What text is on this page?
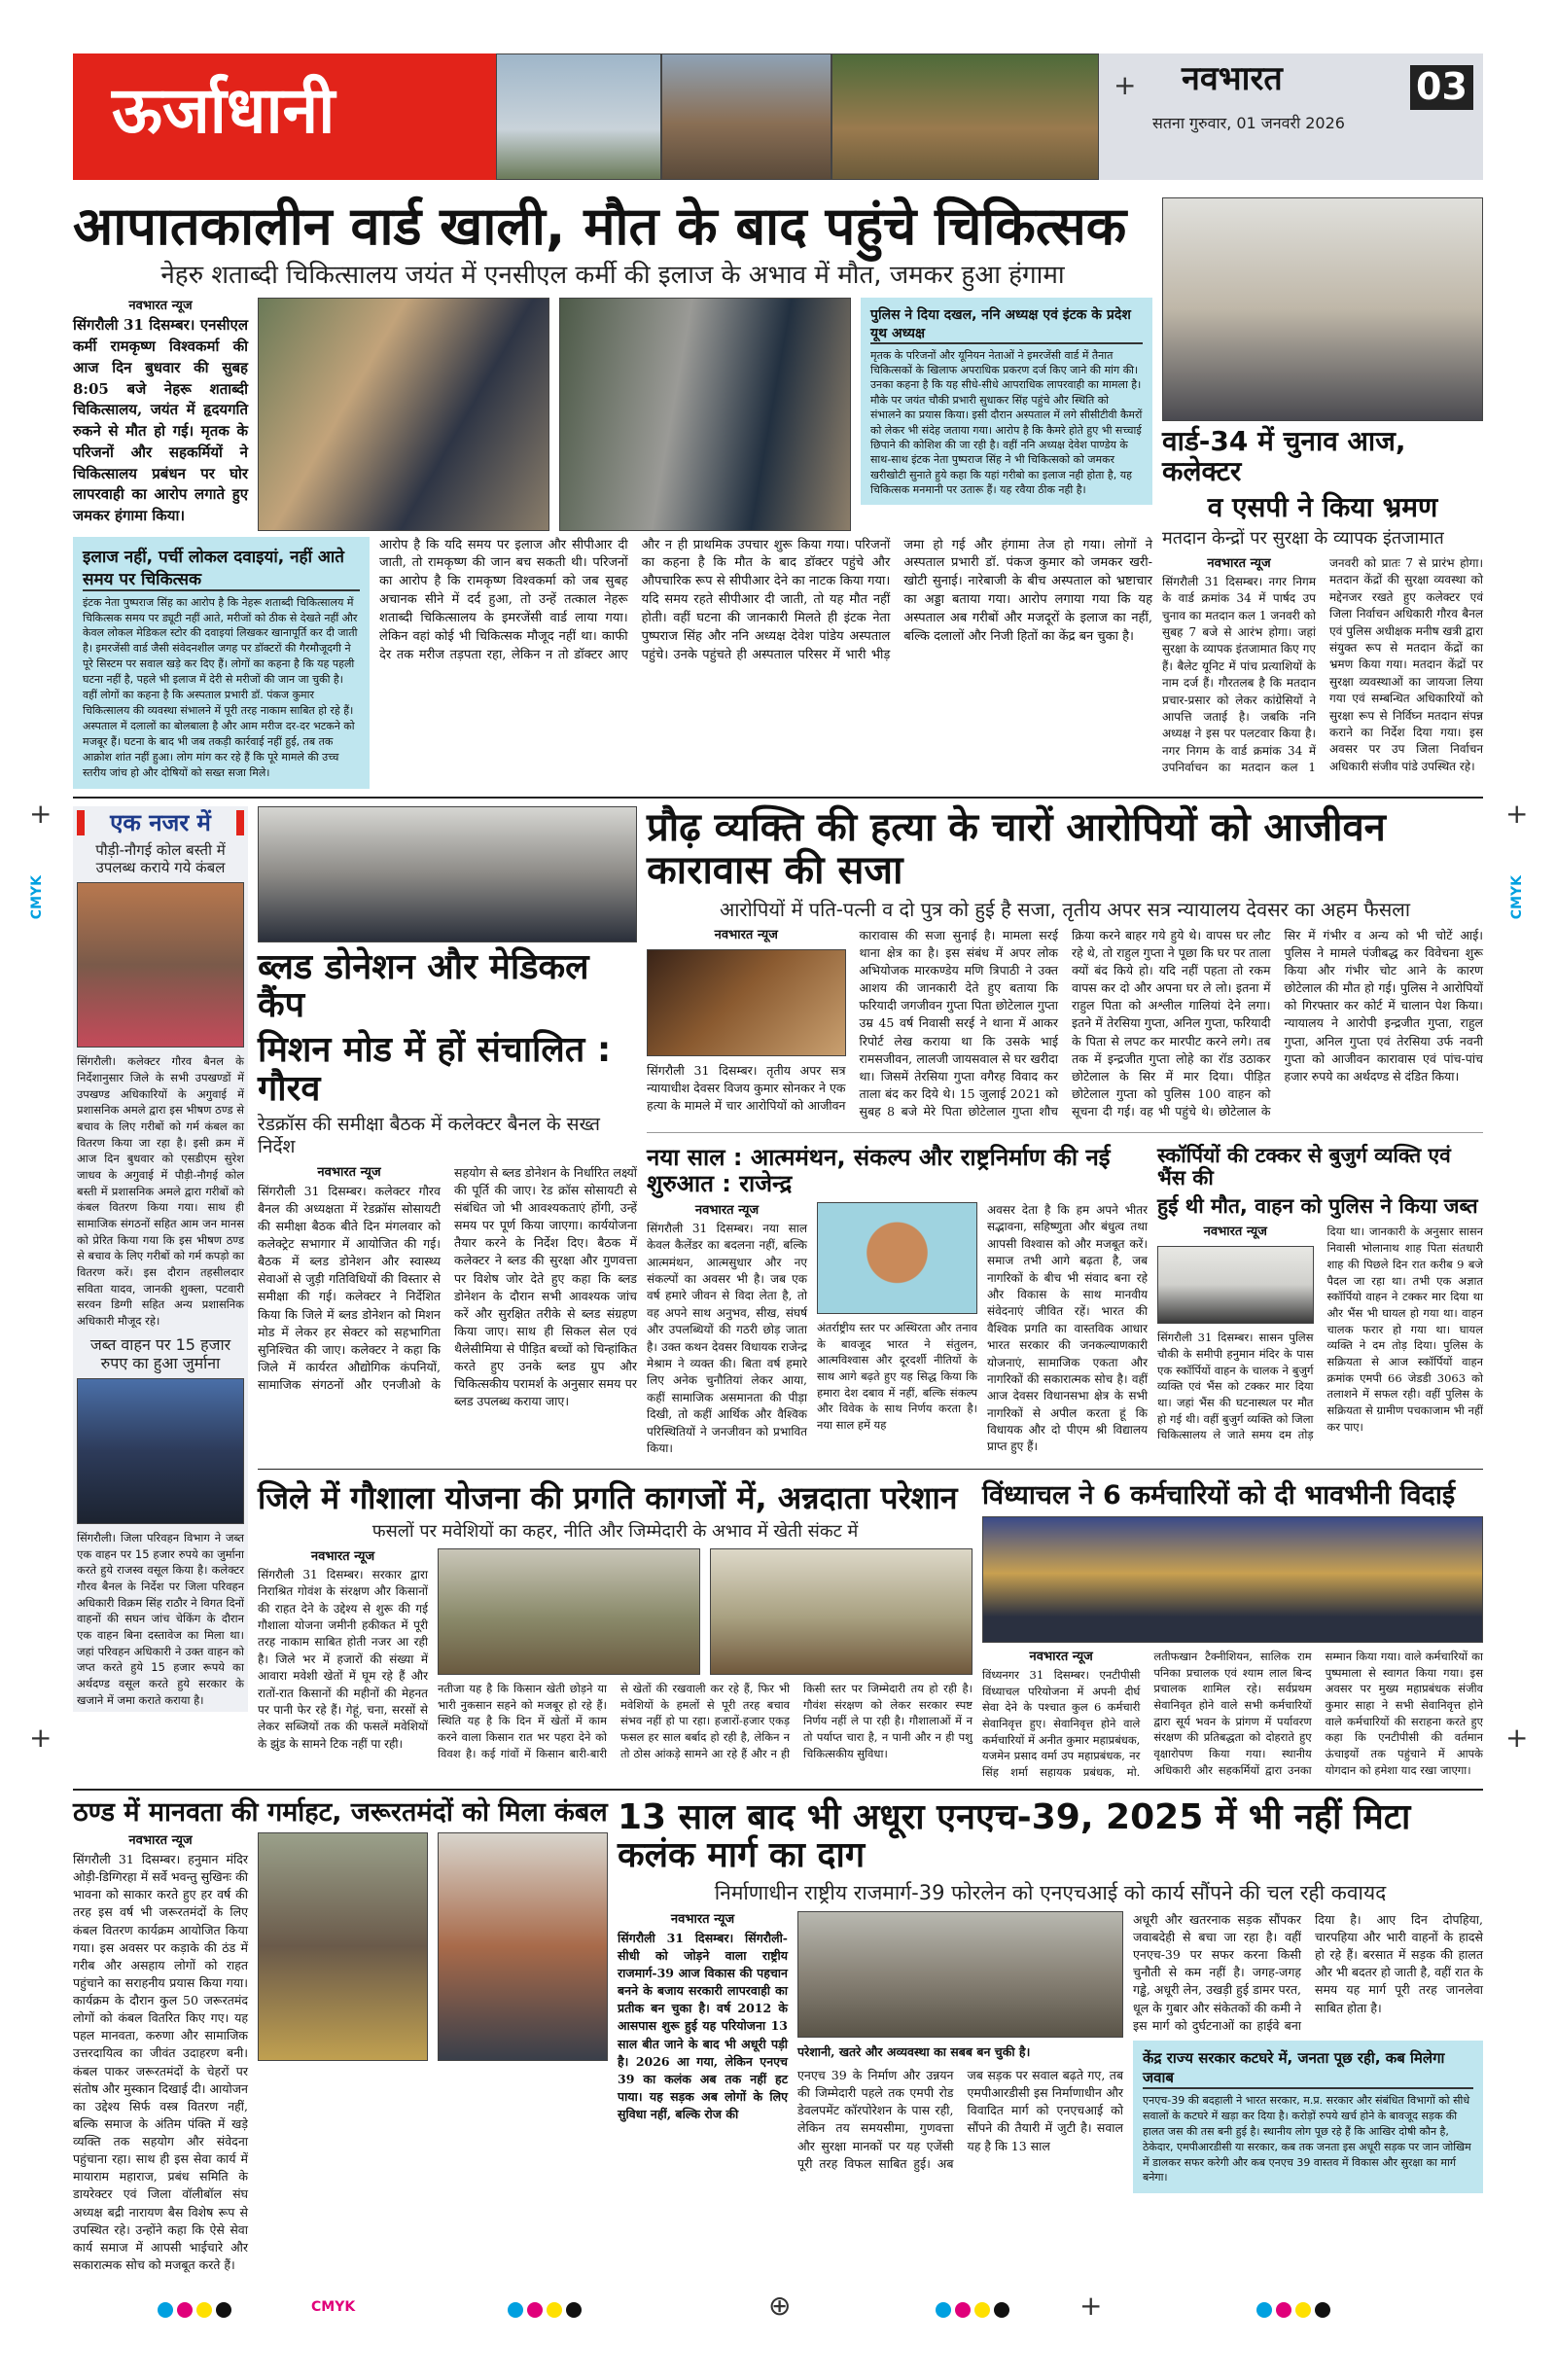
ऊर्जाधानी	+ नवभारत
सतना गुरुवार, 01 जनवरी 2026
03
आपातकालीन वार्ड खाली, मौत के बाद पहुंचे चिकित्सक
नेहरु शताब्दी चिकित्सालय जयंत में एनसीएल कर्मी की इलाज के अभाव में मौत, जमकर हुआ हंगामा
नवभारत न्यूज
सिंगरौली 31 दिसम्बर। एनसीएल कर्मी रामकृष्ण विश्वकर्मा की आज दिन बुधवार की सुबह 8:05 बजे नेहरू शताब्दी चिकित्सालय, जयंत में हृदयगति रुकने से मौत हो गई। मृतक के परिजनों और सहकर्मियों ने चिकित्सालय प्रबंधन पर घोर लापरवाही का आरोप लगाते हुए जमकर हंगामा किया।
पुलिस ने दिया दखल, ननि अध्यक्ष एवं इंटक के प्रदेश यूथ अध्यक्ष

मृतक के परिजनों और यूनियन नेताओं ने इमरजेंसी वार्ड में तैनात चिकित्सकों के खिलाफ अपराधिक प्रकरण दर्ज किए जाने की मांग की। उनका कहना है कि यह सीधे-सीधे आपराधिक लापरवाही का मामला है। मौके पर जयंत चौकी प्रभारी सुधाकर सिंह पहुंचे और स्थिति को संभालने का प्रयास किया। इसी दौरान अस्पताल में लगे सीसीटीवी कैमरों को लेकर भी संदेह जताया गया। आरोप है कि कैमरे होते हुए भी सच्चाई छिपाने की कोशिश की जा रही है। वहीं ननि अध्यक्ष देवेश पाण्डेय के साथ-साथ इंटक नेता पुष्पराज सिंह ने भी चिकित्सको को जमकर खरीखोटी सुनाते हुये कहा कि यहां गरीबो का इलाज नही होता है, यह चिकित्सक मनमानी पर उतारू हैं। यह रवैया ठीक नही है।

इलाज नहीं, पर्ची लोकल दवाइयां, नहीं आते समय पर चिकित्सक

इंटक नेता पुष्पराज सिंह का आरोप है कि नेहरू शताब्दी चिकित्सालय में चिकित्सक समय पर ड्यूटी नहीं आते, मरीजों को ठीक से देखते नहीं और केवल लोकल मेडिकल स्टोर की दवाइयां लिखकर खानापूर्ति कर दी जाती है। इमरजेंसी वार्ड जैसी संवेदनशील जगह पर डॉक्टरों की गैरमौजूदगी ने पूरे सिस्टम पर सवाल खड़े कर दिए हैं। लोगों का कहना है कि यह पहली घटना नहीं है, पहले भी इलाज में देरी से मरीजों की जान जा चुकी है। वहीं लोगों का कहना है कि अस्पताल प्रभारी डॉ. पंकज कुमार चिकित्सालय की व्यवस्था संभालने में पूरी तरह नाकाम साबित हो रहे हैं। अस्पताल में दलालों का बोलबाला है और आम मरीज दर-दर भटकने को मजबूर हैं। घटना के बाद भी जब तकड़ी कार्रवाई नहीं हुई, तब तक आक्रोश शांत नहीं हुआ। लोग मांग कर रहे हैं कि पूरे मामले की उच्च स्तरीय जांच हो और दोषियों को सख्त सजा मिले।

आरोप है कि यदि समय पर इलाज और सीपीआर दी जाती, तो रामकृष्ण की जान बच सकती थी। परिजनों का आरोप है कि रामकृष्ण विश्वकर्मा को जब सुबह अचानक सीने में दर्द हुआ, तो उन्हें तत्काल नेहरू शताब्दी चिकित्सालय के इमरजेंसी वार्ड लाया गया। लेकिन वहां कोई भी चिकित्सक मौजूद नहीं था। काफी देर तक मरीज तड़पता रहा, लेकिन न तो डॉक्टर आए और न ही प्राथमिक उपचार शुरू किया गया। परिजनों का कहना है कि मौत के बाद डॉक्टर पहुंचे और औपचारिक रूप से सीपीआर देने का नाटक किया गया। यदि समय रहते सीपीआर दी जाती, तो यह मौत नहीं होती। वहीं घटना की जानकारी मिलते ही इंटक नेता पुष्पराज सिंह और ननि अध्यक्ष देवेश पांडेय अस्पताल पहुंचे। उनके पहुंचते ही अस्पताल परिसर में भारी भीड़ जमा हो गई और हंगामा तेज हो गया। लोगों ने अस्पताल प्रभारी डॉ. पंकज कुमार को जमकर खरी-खोटी सुनाई। नारेबाजी के बीच अस्पताल को भ्रष्टाचार का अड्डा बताया गया। आरोप लगाया गया कि यह अस्पताल अब गरीबों और मजदूरों के इलाज का नहीं, बल्कि दलालों और निजी हितों का केंद्र बन चुका है।
वार्ड-34 में चुनाव आज, कलेक्टर
व एसपी ने किया भ्रमण
मतदान केन्द्रों पर सुरक्षा के व्यापक इंतजामात
नवभारत न्यूज
सिंगरौली 31 दिसम्बर। नगर निगम के वार्ड क्रमांक 34 में पार्षद उप चुनाव का मतदान कल 1 जनवरी को सुबह 7 बजे से आरंभ होगा। जहां सुरक्षा के व्यापक इंतजामात किए गए हैं। बैलेट यूनिट में पांच प्रत्याशियों के नाम दर्ज हैं। गौरतलब है कि मतदान प्रचार-प्रसार को लेकर कांग्रेसियों ने आपत्ति जताई है। जबकि ननि अध्यक्ष ने इस पर पलटवार किया है। नगर निगम के वार्ड क्रमांक 34 में उपनिर्वाचन का मतदान कल 1 जनवरी को प्रातः 7 से प्रारंभ होगा। मतदान केंद्रों की सुरक्षा व्यवस्था को मद्देनजर रखते हुए कलेक्टर एवं जिला निर्वाचन अधिकारी गौरव बैनल एवं पुलिस अधीक्षक मनीष खत्री द्वारा संयुक्त रूप से मतदान केंद्रों का भ्रमण किया गया। मतदान केंद्रों पर सुरक्षा व्यवस्थाओं का जायजा लिया गया एवं सम्बन्धित अधिकारियों को सुरक्षा रूप से निर्विघ्न मतदान संपन्न कराने का निर्देश दिया गया। इस अवसर पर उप जिला निर्वाचन अधिकारी संजीव पांडे उपस्थित रहे।
एक नजर में
पौड़ी-नौगई कोल बस्ती में उपलब्ध कराये गये कंबल

सिंगरौली। कलेक्टर गौरव बैनल के निर्देशानुसार जिले के सभी उपखण्डों में उपखण्ड अधिकारियों के अगुवाई में प्रशासनिक अमले द्वारा इस भीषण ठण्ड से बचाव के लिए गरीबों को गर्म कंबल का वितरण किया जा रहा है। इसी क्रम में आज दिन बुधवार को एसडीएम सुरेश जाधव के अगुवाई में पौड़ी-नौगई कोल बस्ती में प्रशासनिक अमले द्वारा गरीबों को कंबल वितरण किया गया। साथ ही सामाजिक संगठनों सहित आम जन मानस को प्रेरित किया गया कि इस भीषण ठण्ड से बचाव के लिए गरीबों को गर्म कपड़ो का वितरण करें। इस दौरान तहसीलदार सविता यादव, जानकी शुक्ला, पटवारी सरवन डिग्गी सहित अन्य प्रशासनिक अधिकारी मौजूद रहे।

जब्त वाहन पर 15 हजार रुपए का हुआ जुर्माना

सिंगरौली। जिला परिवहन विभाग ने जब्त एक वाहन पर 15 हजार रुपये का जुर्माना करते हुये राजस्व वसूल किया है। कलेक्टर गौरव बैनल के निर्देश पर जिला परिवहन अधिकारी विक्रम सिंह राठौर ने विगत दिनों वाहनों की सघन जांच चेकिंग के दौरान एक वाहन बिना दस्तावेज का मिला था। जहां परिवहन अधिकारी ने उक्त वाहन को जप्त करते हुये 15 हजार रूपये का अर्थदण्ड वसूल करते हुये सरकार के खजाने में जमा कराते कराया है।

ब्लड डोनेशन और मेडिकल कैंप
मिशन मोड में हों संचालित : गौरव
रेडक्रॉस की समीक्षा बैठक में कलेक्टर बैनल के सख्त निर्देश
नवभारत न्यूज
सिंगरौली 31 दिसम्बर। कलेक्टर गौरव बैनल की अध्यक्षता में रेडक्रॉस सोसायटी की समीक्षा बैठक बीते दिन मंगलवार को कलेक्ट्रेट सभागार में आयोजित की गई। बैठक में ब्लड डोनेशन और स्वास्थ्य सेवाओं से जुड़ी गतिविधियों की विस्तार से समीक्षा की गई। कलेक्टर ने निर्देशित किया कि जिले में ब्लड डोनेशन को मिशन मोड में लेकर हर सेक्टर को सहभागिता सुनिश्चित की जाए। कलेक्टर ने कहा कि जिले में कार्यरत औद्योगिक कंपनियों, सामाजिक संगठनों और एनजीओ के सहयोग से ब्लड डोनेशन के निर्धारित लक्ष्यों की पूर्ति की जाए। रेड क्रॉस सोसायटी से संबंधित जो भी आवश्यकताएं होंगी, उन्हें समय पर पूर्ण किया जाएगा। कार्ययोजना तैयार करने के निर्देश दिए। बैठक में कलेक्टर ने ब्लड की सुरक्षा और गुणवत्ता पर विशेष जोर देते हुए कहा कि ब्लड डोनेशन के दौरान सभी आवश्यक जांच करें और सुरक्षित तरीके से ब्लड संग्रहण किया जाए। साथ ही सिकल सेल एवं थैलेसीमिया से पीड़ित बच्चों को चिन्हांकित करते हुए उनके ब्लड ग्रुप और चिकित्सकीय परामर्श के अनुसार समय पर ब्लड उपलब्ध कराया जाए।
प्रौढ़ व्यक्ति की हत्या के चारों आरोपियों को आजीवन कारावास की सजा
आरोपियों में पति-पत्नी व दो पुत्र को हुई है सजा, तृतीय अपर सत्र न्यायालय देवसर का अहम फैसला
नवभारत न्यूज
सिंगरौली 31 दिसम्बर। तृतीय अपर सत्र न्यायाधीश देवसर विजय कुमार सोनकर ने एक हत्या के मामले में चार आरोपियों को आजीवन कारावास की सजा सुनाई है। मामला सरई थाना क्षेत्र का है। इस संबंध में अपर लोक अभियोजक मारकण्डेय मणि त्रिपाठी ने उक्त आशय की जानकारी देते हुए बताया कि फरियादी जगजीवन गुप्ता पिता छोटेलाल गुप्ता उम्र 45 वर्ष निवासी सरई ने थाना में आकर रिपोर्ट लेख कराया था कि उसके भाई रामसजीवन, लालजी जायसवाल से घर खरीदा था। जिसमें तेरसिया गुप्ता वगैरह विवाद कर ताला बंद कर दिये थे। 15 जुलाई 2021 को सुबह 8 बजे मेरे पिता छोटेलाल गुप्ता शौच क्रिया करने बाहर गये हुये थे। वापस घर लौट रहे थे, तो राहुल गुप्ता ने पूछा कि घर पर ताला क्यों बंद किये हो। यदि नहीं पहता तो रकम वापस कर दो और अपना घर ले लो। इतना में राहुल पिता को अश्लील गालियां देने लगा। इतने में तेरसिया गुप्ता, अनिल गुप्ता, फरियादी के पिता से लपट कर मारपीट करने लगे। तब तक में इन्द्रजीत गुप्ता लोहे का रॉड उठाकर छोटेलाल के सिर में मार दिया। पीड़ित छोटेलाल गुप्ता को पुलिस 100 वाहन को सूचना दी गई। वह भी पहुंचे थे। छोटेलाल के सिर में गंभीर व अन्य को भी चोटें आई। पुलिस ने मामले पंजीबद्ध कर विवेचना शुरू किया और गंभीर चोट आने के कारण छोटेलाल की मौत हो गई। पुलिस ने आरोपियों को गिरफ्तार कर कोर्ट में चालान पेश किया। न्यायालय ने आरोपी इन्द्रजीत गुप्ता, राहुल गुप्ता, अनिल गुप्ता एवं तेरसिया उर्फ नवनी गुप्ता को आजीवन कारावास एवं पांच-पांच हजार रुपये का अर्थदण्ड से दंडित किया।
नया साल : आत्ममंथन, संकल्प और राष्ट्रनिर्माण की नई शुरुआत : राजेन्द्र
नवभारत न्यूज
सिंगरौली 31 दिसम्बर। नया साल केवल कैलेंडर का बदलना नहीं, बल्कि आत्ममंथन, आत्मसुधार और नए संकल्पों का अवसर भी है। जब एक वर्ष हमारे जीवन से विदा लेता है, तो वह अपने साथ अनुभव, सीख, संघर्ष और उपलब्धियों की गठरी छोड़ जाता है। उक्त कथन देवसर विधायक राजेन्द्र मेश्राम ने व्यक्त की। बिता वर्ष हमारे लिए अनेक चुनौतियां लेकर आया, कहीं सामाजिक असमानता की पीड़ा दिखी, तो कहीं आर्थिक और वैश्विक परिस्थितियों ने जनजीवन को प्रभावित किया।
अंतर्राष्ट्रीय स्तर पर अस्थिरता और तनाव के बावजूद भारत ने संतुलन, आत्मविश्वास और दूरदर्शी नीतियों के साथ आगे बढ़ते हुए यह सिद्ध किया कि हमारा देश दबाव में नहीं, बल्कि संकल्प और विवेक के साथ निर्णय करता है। नया साल हमें यह
अवसर देता है कि हम अपने भीतर सद्भावना, सहिष्णुता और बंधुत्व तथा आपसी विश्वास को और मजबूत करें। समाज तभी आगे बढ़ता है, जब नागरिकों के बीच भी संवाद बना रहे और विकास के साथ मानवीय संवेदनाएं जीवित रहें। भारत की वैश्विक प्रगति का वास्तविक आधार भारत सरकार की जनकल्याणकारी योजनाएं, सामाजिक एकता और नागरिकों की सकारात्मक सोच है। वहीं आज देवसर विधानसभा क्षेत्र के सभी नागरिकों से अपील करता हूं कि विधायक और दो पीएम श्री विद्यालय प्राप्त हुए हैं।
स्कॉर्पियों की टक्कर से बुजुर्ग व्यक्ति एवं भैंस की
हुई थी मौत, वाहन को पुलिस ने किया जब्त
नवभारत न्यूज
सिंगरौली 31 दिसम्बर। सासन पुलिस चौकी के समीपी हनुमान मंदिर के पास एक स्कॉर्पियों वाहन के चालक ने बुजुर्ग व्यक्ति एवं भैंस को टक्कर मार दिया था। जहां भैंस की घटनास्थल पर मौत हो गई थी। वहीं बुजुर्ग व्यक्ति को जिला चिकित्सालय ले जाते समय दम तोड़ दिया था। जानकारी के अनुसार सासन निवासी भोलानाथ शाह पिता संतधारी शाह की पिछले दिन रात करीब 9 बजे पैदल जा रहा था। तभी एक अज्ञात स्कॉर्पियो वाहन ने टक्कर मार दिया था और भैंस भी घायल हो गया था। वाहन चालक फरार हो गया था। घायल व्यक्ति ने दम तोड़ दिया। पुलिस के सक्रियता से आज स्कॉर्पियों वाहन क्रमांक एमपी 66 जेडडी 3063 को तलाशने में सफल रही। वहीं पुलिस के सक्रियता से ग्रामीण पचकाजाम भी नहीं कर पाए।
जिले में गौशाला योजना की प्रगति कागजों में, अन्नदाता परेशान
फसलों पर मवेशियों का कहर, नीति और जिम्मेदारी के अभाव में खेती संकट में
नवभारत न्यूज
सिंगरौली 31 दिसम्बर। सरकार द्वारा निराश्रित गोवंश के संरक्षण और किसानों की राहत देने के उद्देश्य से शुरू की गई गौशाला योजना जमीनी हकीकत में पूरी तरह नाकाम साबित होती नजर आ रही है। जिले भर में हजारों की संख्या में आवारा मवेशी खेतों में घूम रहे हैं और रातों-रात किसानों की महीनों की मेहनत पर पानी फेर रहे हैं। गेहूं, चना, सरसों से लेकर सब्जियों तक की फसलें मवेशियों के झुंड के सामने टिक नहीं पा रही।
नतीजा यह है कि किसान खेती छोड़ने या भारी नुकसान सहने को मजबूर हो रहे हैं। स्थिति यह है कि दिन में खेतों में काम करने वाला किसान रात भर पहरा देने को विवश है। कई गांवों में किसान बारी-बारी से खेतों की रखवाली कर रहे हैं, फिर भी मवेशियों के हमलों से पूरी तरह बचाव संभव नहीं हो पा रहा। हजारों-हजार एकड़ फसल हर साल बर्बाद हो रही है, लेकिन न तो ठोस आंकड़े सामने आ रहे हैं और न ही किसी स्तर पर जिम्मेदारी तय हो रही है। गौवंश संरक्षण को लेकर सरकार स्पष्ट निर्णय नहीं ले पा रही है। गौशालाओं में न तो पर्याप्त चारा है, न पानी और न ही पशु चिकित्सकीय सुविधा।
विंध्याचल ने 6 कर्मचारियों को दी भावभीनी विदाई
नवभारत न्यूज
विंध्यनगर 31 दिसम्बर। एनटीपीसी विंध्याचल परियोजना में अपनी दीर्घ सेवा देने के पश्चात कुल 6 कर्मचारी सेवानिवृत्त हुए। सेवानिवृत्त होने वाले कर्मचारियों में अनीत कुमार महाप्रबंधक, यजमेन प्रसाद वर्मा उप महाप्रबंधक, नर सिंह शर्मा सहायक प्रबंधक, मो. लतीफखान टैक्नीशियन, सालिक राम पनिका प्रचालक एवं श्याम लाल बिन्द प्रचालक शामिल रहे। सर्वप्रथम सेवानिवृत होने वाले सभी कर्मचारियों द्वारा सूर्य भवन के प्रांगण में पर्यावरण संरक्षण की प्रतिबद्धता को दोहराते हुए वृक्षारोपण किया गया। स्थानीय अधिकारी और सहकर्मियों द्वारा उनका सम्मान किया गया। वाले कर्मचारियों का पुष्पमाला से स्वागत किया गया। इस अवसर पर मुख्य महाप्रबंधक संजीव कुमार साहा ने सभी सेवानिवृत्त होने वाले कर्मचारियों की सराहना करते हुए कहा कि एनटीपीसी की वर्तमान ऊंचाइयों तक पहुंचाने में आपके योगदान को हमेशा याद रखा जाएगा।
ठण्ड में मानवता की गर्माहट, जरूरतमंदों को मिला कंबल
नवभारत न्यूज
सिंगरौली 31 दिसम्बर। हनुमान मंदिर ओड़ी-डिग्गिरहा में सर्वे भवन्तु सुखिनः की भावना को साकार करते हुए हर वर्ष की तरह इस वर्ष भी जरूरतमंदों के लिए कंबल वितरण कार्यक्रम आयोजित किया गया। इस अवसर पर कड़ाके की ठंड में गरीब और असहाय लोगों को राहत पहुंचाने का सराहनीय प्रयास किया गया। कार्यक्रम के दौरान कुल 50 जरूरतमंद लोगों को कंबल वितरित किए गए। यह पहल मानवता, करुणा और सामाजिक उत्तरदायित्व का जीवंत उदाहरण बनी। कंबल पाकर जरूरतमंदों के चेहरों पर संतोष और मुस्कान दिखाई दी। आयोजन का उद्देश्य सिर्फ वस्त्र वितरण नहीं, बल्कि समाज के अंतिम पंक्ति में खड़े व्यक्ति तक सहयोग और संवेदना पहुंचाना रहा। साथ ही इस सेवा कार्य में मायाराम महाराज, प्रबंध समिति के डायरेक्टर एवं जिला वॉलीबॉल संघ अध्यक्ष बद्री नारायण बैस विशेष रूप से उपस्थित रहे। उन्होंने कहा कि ऐसे सेवा कार्य समाज में आपसी भाईचारे और सकारात्मक सोच को मजबूत करते हैं।
13 साल बाद भी अधूरा एनएच-39, 2025 में भी नहीं मिटा कलंक मार्ग का दाग
निर्माणाधीन राष्ट्रीय राजमार्ग-39 फोरलेन को एनएचआई को कार्य सौंपने की चल रही कवायद
नवभारत न्यूज
सिंगरौली 31 दिसम्बर। सिंगरौली-सीधी को जोड़ने वाला राष्ट्रीय राजमार्ग-39 आज विकास की पहचान बनने के बजाय सरकारी लापरवाही का प्रतीक बन चुका है। वर्ष 2012 के आसपास शुरू हुई यह परियोजना 13 साल बीत जाने के बाद भी अधूरी पड़ी है। 2026 आ गया, लेकिन एनएच 39 का कलंक अब तक नहीं हट पाया। यह सड़क अब लोगों के लिए सुविधा नहीं, बल्कि रोज की
परेशानी, खतरे और अव्यवस्था का सबब बन चुकी है।
एनएच 39 के निर्माण और उन्नयन की जिम्मेदारी पहले तक एमपी रोड डेवलपमेंट कॉरपोरेशन के पास रही, लेकिन तय समयसीमा, गुणवत्ता और सुरक्षा मानकों पर यह एजेंसी पूरी तरह विफल साबित हुई। अब जब सड़क पर सवाल बढ़ते गए, तब एमपीआरडीसी इस निर्माणाधीन और विवादित मार्ग को एनएचआई को सौंपने की तैयारी में जुटी है। सवाल यह है कि 13 साल
अधूरी और खतरनाक सड़क सौंपकर जवाबदेही से बचा जा रहा है। वहीं एनएच-39 पर सफर करना किसी चुनौती से कम नहीं है। जगह-जगह गड्ढे, अधूरी लेन, उखड़ी हुई डामर परत, धूल के गुबार और संकेतकों की कमी ने इस मार्ग को दुर्घटनाओं का हाईवे बना दिया है। आए दिन दोपहिया, चारपहिया और भारी वाहनों के हादसे हो रहे हैं। बरसात में सड़क की हालत और भी बदतर हो जाती है, वहीं रात के समय यह मार्ग पूरी तरह जानलेवा साबित होता है।
केंद्र राज्य सरकार कटघरे में, जनता पूछ रही, कब मिलेगा जवाब

एनएच-39 की बदहाली ने भारत सरकार, म.प्र. सरकार और संबंधित विभागों को सीधे सवालों के कटघरे में खड़ा कर दिया है। करोड़ों रुपये खर्च होने के बावजूद सड़क की हालत जस की तस बनी हुई है। स्थानीय लोग पूछ रहे हैं कि आखिर दोषी कौन है, ठेकेदार, एमपीआरडीसी या सरकार, कब तक जनता इस अधूरी सड़क पर जान जोखिम में डालकर सफर करेगी और कब एनएच 39 वास्तव में विकास और सुरक्षा का मार्ग बनेगा।

CMYK	⊕	+
+	+
+	+
CMYK	CMYK
